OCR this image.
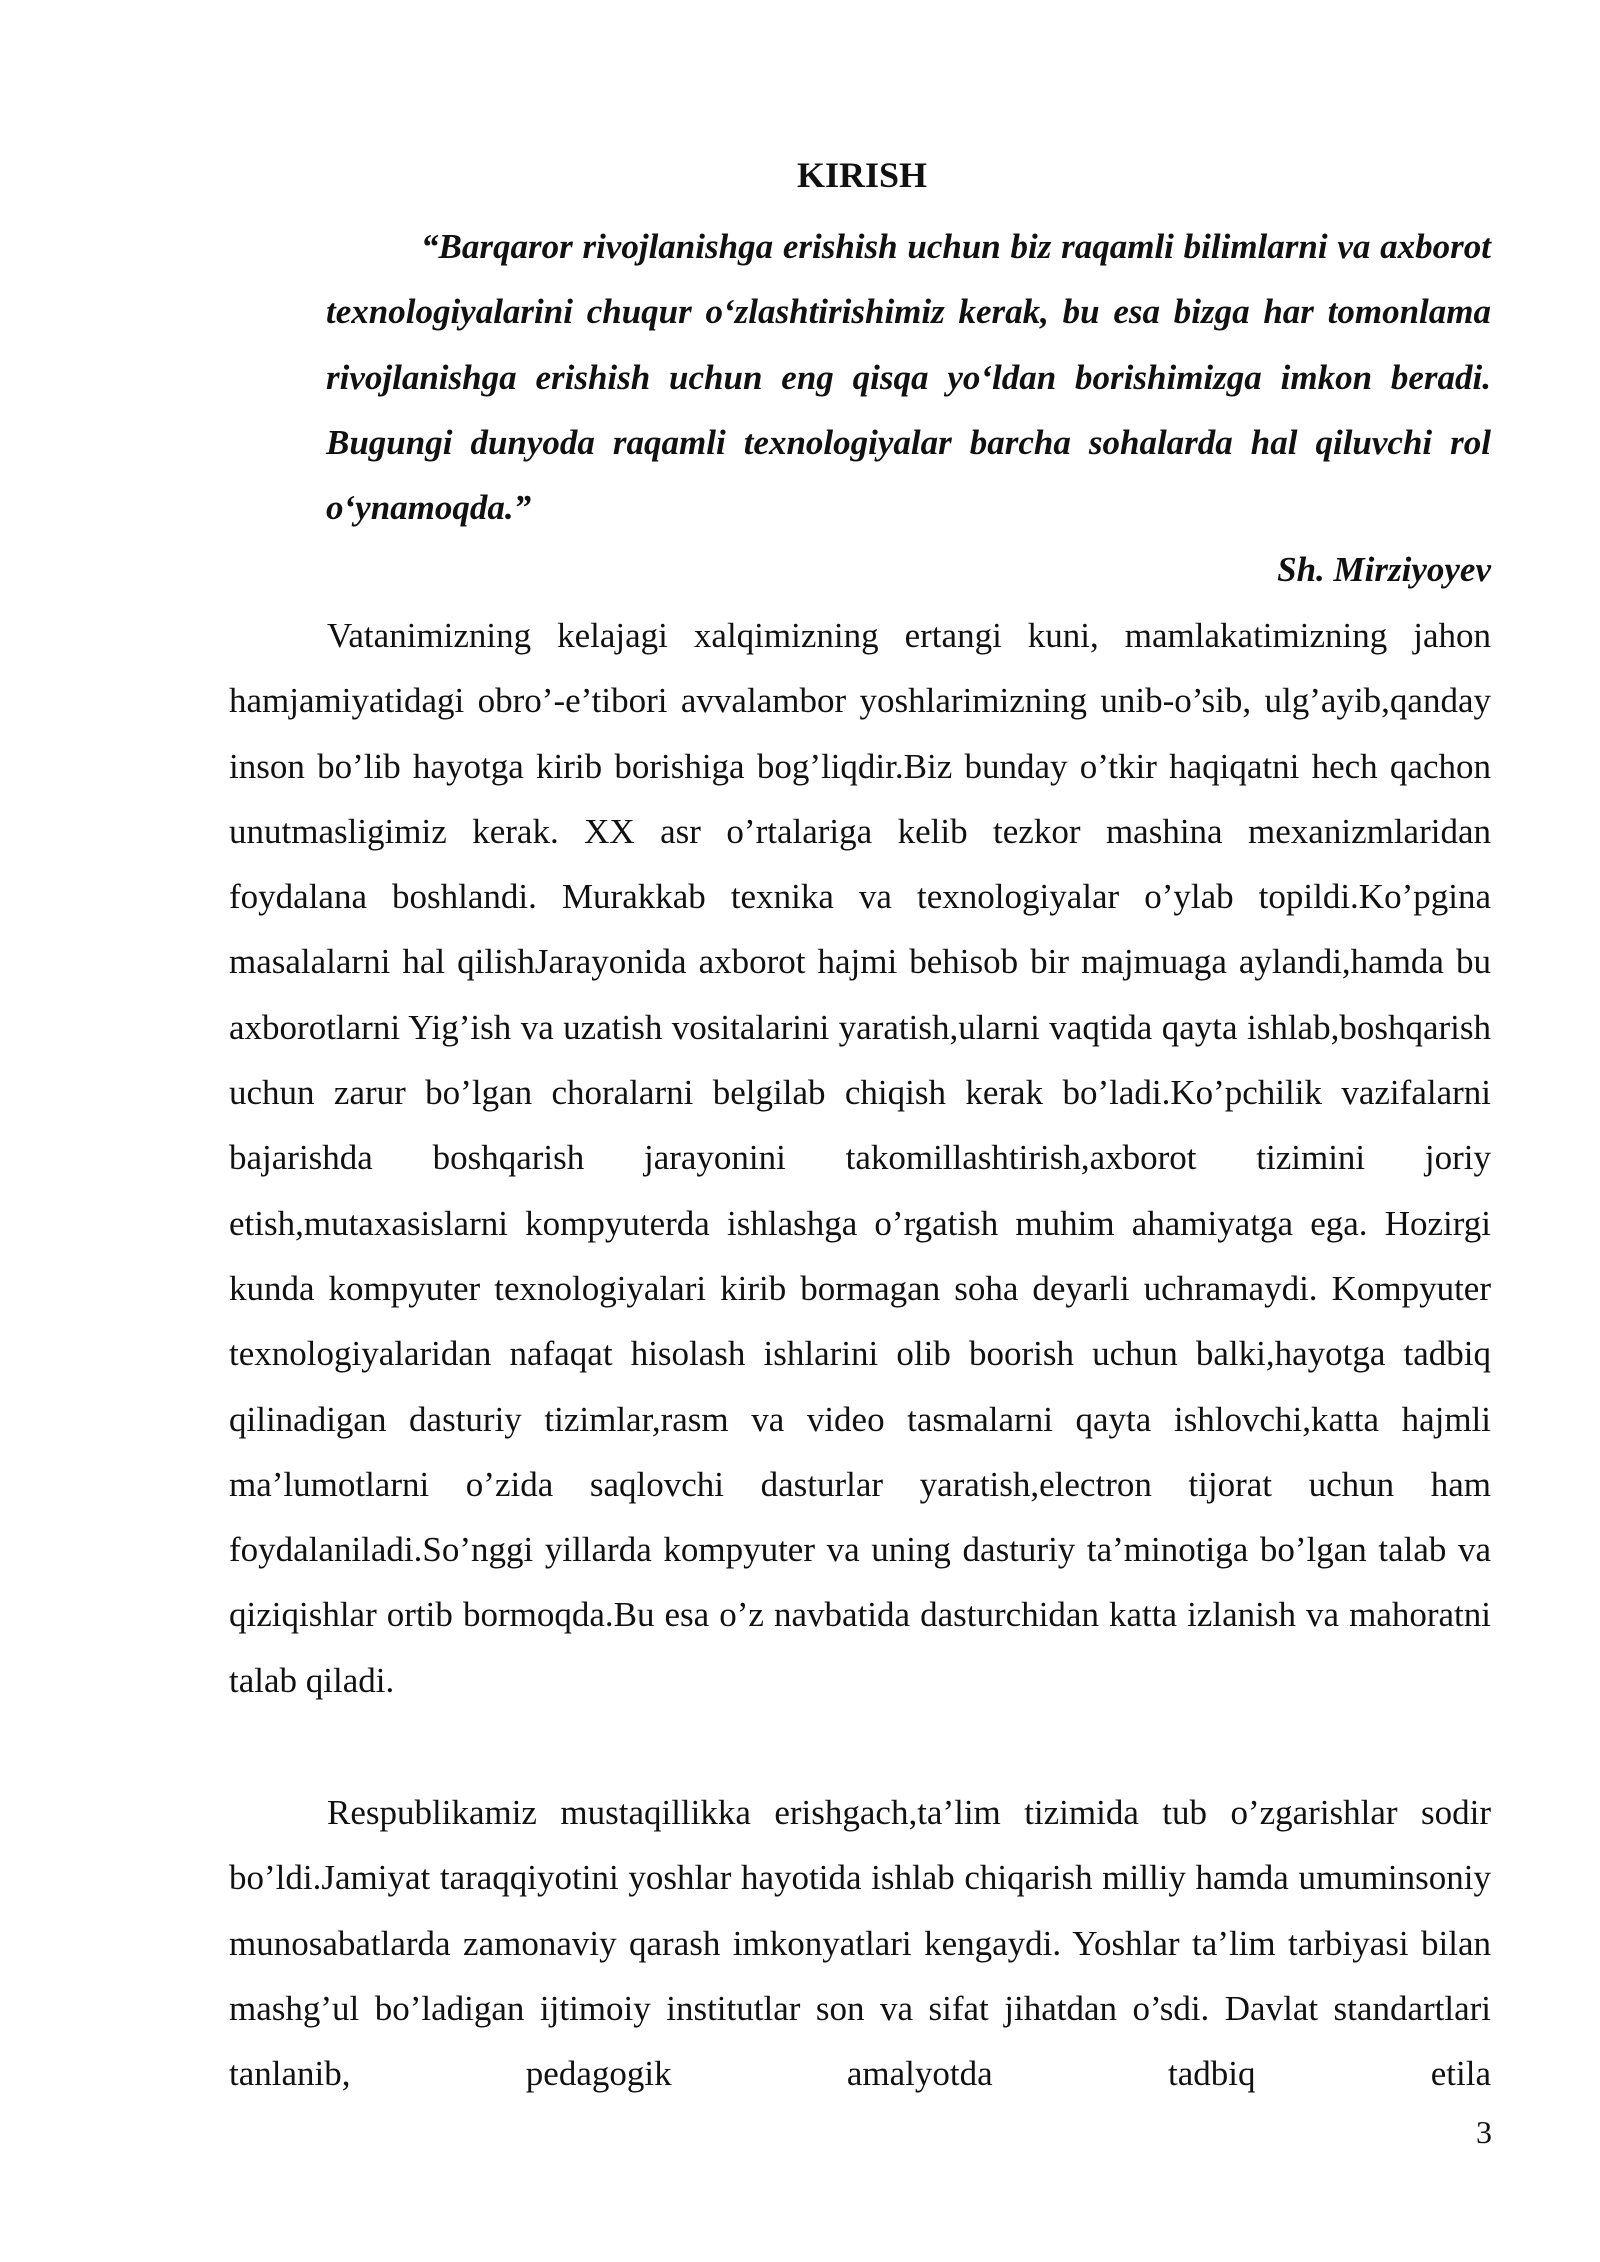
KIRISH
“Barqaror rivojlanishga erishish uchun biz raqamli bilimlarni va axborot texnologiyalarini chuqur o‘zlashtirishimiz kerak, bu esa bizga har tomonlama rivojlanishga erishish uchun eng qisqa yo‘ldan borishimizga imkon beradi. Bugungi dunyoda raqamli texnologiyalar barcha sohalarda hal qiluvchi rol o‘ynamoqda.”
Sh. Mirziyoyev
Vatanimizning kelajagi xalqimizning ertangi kuni, mamlakatimizning jahon hamjamiyatidagi obro’-e’tibori avvalambor yoshlarimizning unib-o’sib, ulg’ayib,qanday inson bo’lib hayotga kirib borishiga bog’liqdir.Biz bunday o’tkir haqiqatni hech qachon unutmasligimiz kerak. XX asr o’rtalariga kelib tezkor mashina mexanizmlaridan foydalana boshlandi. Murakkab texnika va texnologiyalar o’ylab topildi.Ko’pgina masalalarni hal qilishJarayonida axborot hajmi behisob bir majmuaga aylandi,hamda bu axborotlarni Yig’ish va uzatish vositalarini yaratish,ularni vaqtida qayta ishlab,boshqarish uchun zarur bo’lgan choralarni belgilab chiqish kerak bo’ladi.Ko’pchilik vazifalarni bajarishda boshqarish jarayonini takomillashtirish,axborot tizimini joriy etish,mutaxasislarni kompyuterda ishlashga o’rgatish muhim ahamiyatga ega. Hozirgi kunda kompyuter texnologiyalari kirib bormagan soha deyarli uchramaydi. Kompyuter texnologiyalaridan nafaqat hisolash ishlarini olib boorish uchun balki,hayotga tadbiq qilinadigan dasturiy tizimlar,rasm va video tasmalarni qayta ishlovchi,katta hajmli ma’lumotlarni o’zida saqlovchi dasturlar yaratish,electron tijorat uchun ham foydalaniladi.So’nggi yillarda kompyuter va uning dasturiy ta’minotiga bo’lgan talab va qiziqishlar ortib bormoqda.Bu esa o’z navbatida dasturchidan katta izlanish va mahoratni talab qiladi.
Respublikamiz mustaqillikka erishgach,ta’lim tizimida tub o’zgarishlar sodir bo’ldi.Jamiyat taraqqiyotini yoshlar hayotida ishlab chiqarish milliy hamda umuminsoniy munosabatlarda zamonaviy qarash imkonyatlari kengaydi. Yoshlar ta’lim tarbiyasi bilan mashg’ul bo’ladigan ijtimoiy institutlar son va sifat jihatdan o’sdi. Davlat standartlari tanlanib, pedagogik amalyotda tadbiq etila
3
